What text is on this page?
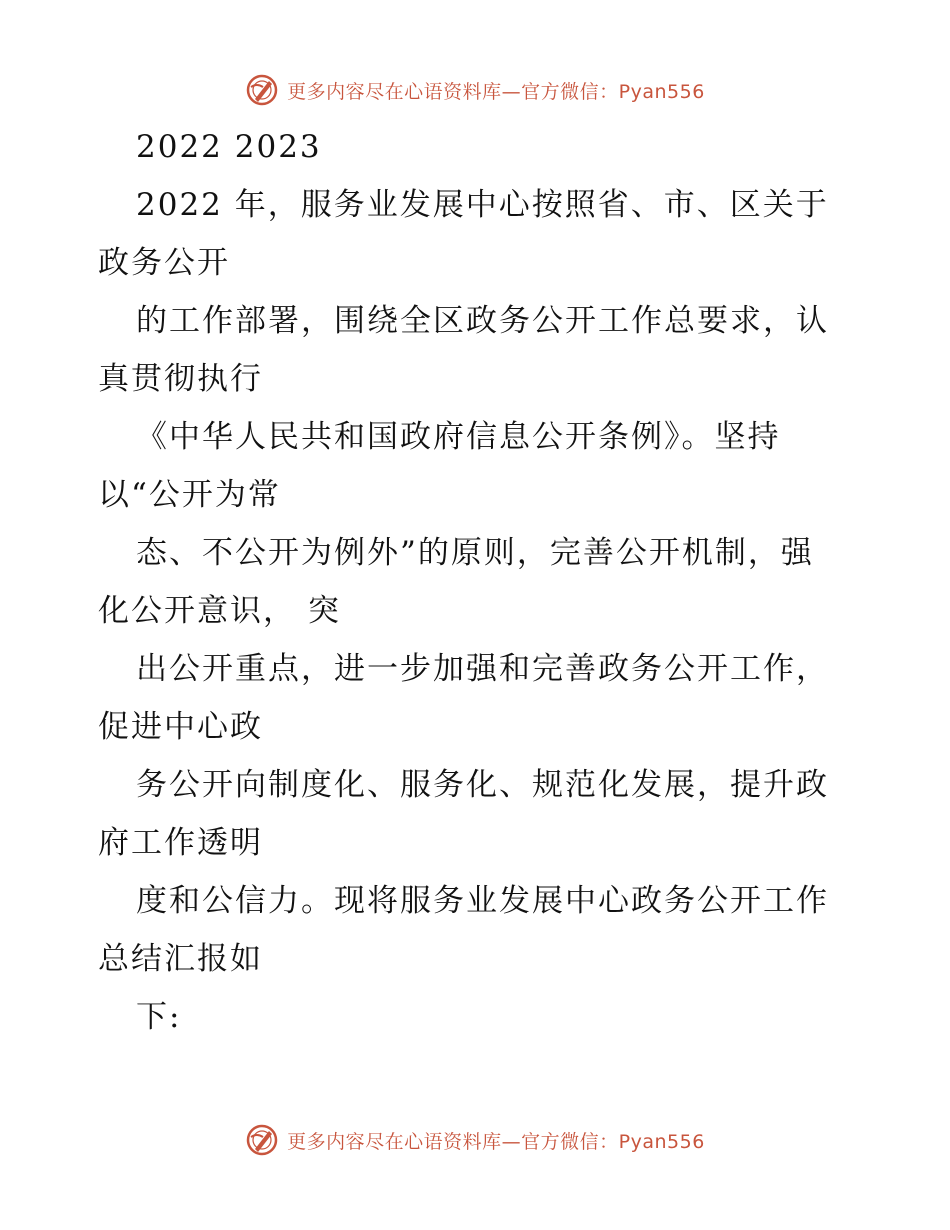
更多内容尽在心语资料库—官方微信：Pyan556
2022 2023
2022 年，服务业发展中心按照省、市、区关于
政务公开
的工作部署，围绕全区政务公开工作总要求，认
真贯彻执行
《中华人民共和国政府信息公开条例》。坚持
以“公开为常
态、不公开为例外”的原则，完善公开机制，强
化公开意识， 突
出公开重点，进一步加强和完善政务公开工作，
促进中心政
务公开向制度化、服务化、规范化发展，提升政
府工作透明
度和公信力。现将服务业发展中心政务公开工作
总结汇报如
下:
更多内容尽在心语资料库—官方微信：Pyan556
